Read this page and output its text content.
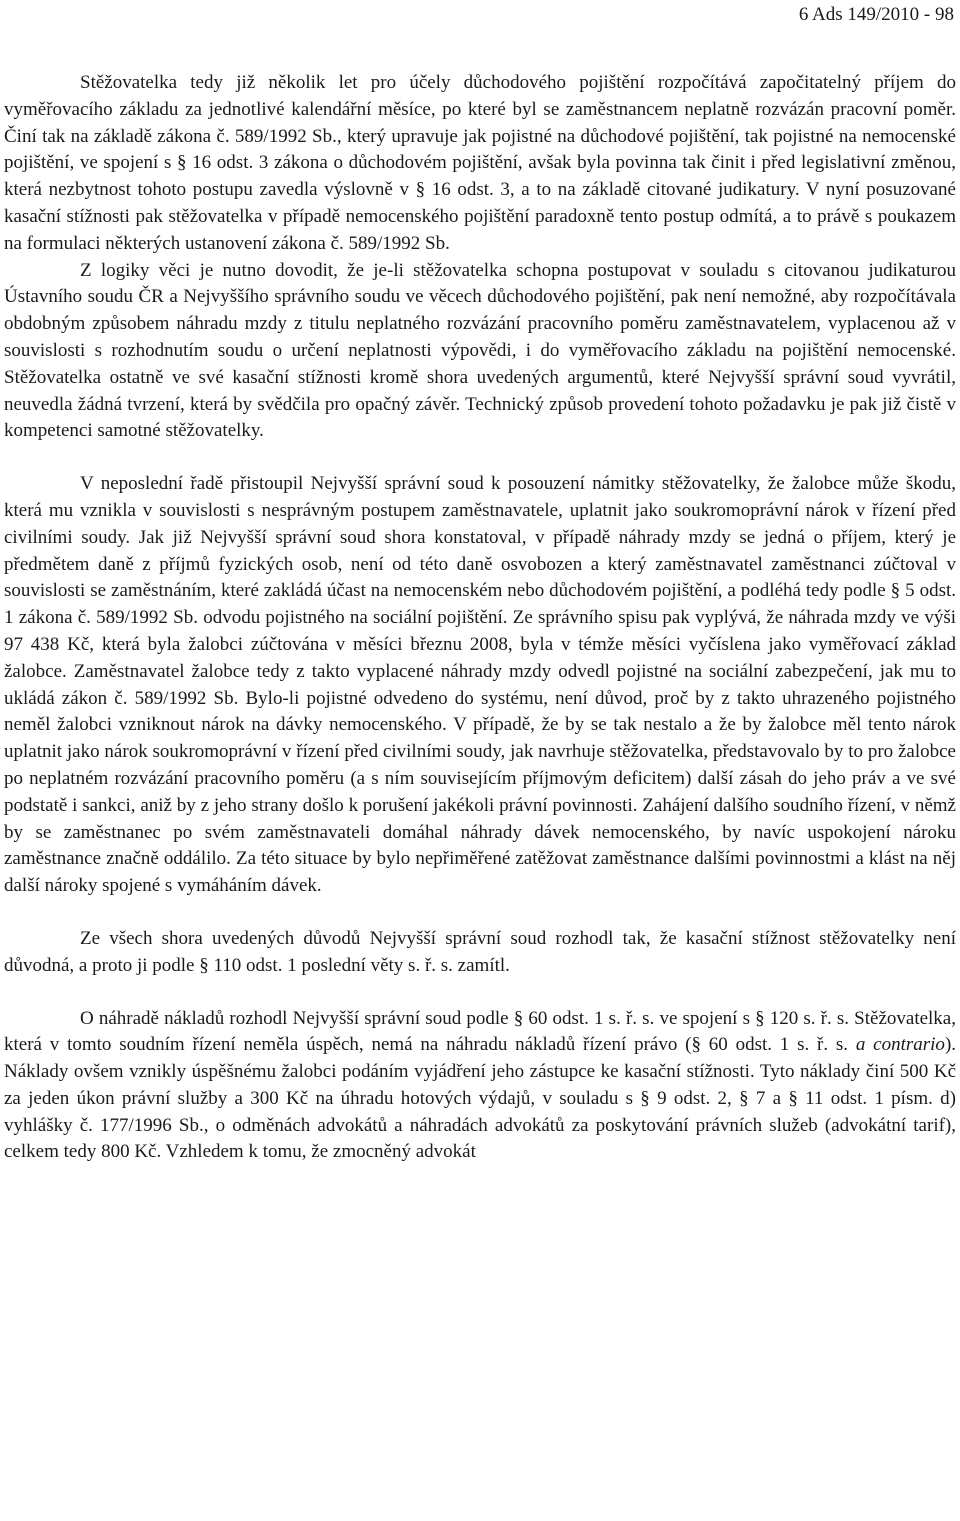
6 Ads 149/2010 - 98

Stěžovatelka tedy již několik let pro účely důchodového pojištění rozpočítává započitatelný příjem do vyměřovacího základu za jednotlivé kalendářní měsíce, po které byl se zaměstnancem neplatně rozvázán pracovní poměr. Činí tak na základě zákona č. 589/1992 Sb., který upravuje jak pojistné na důchodové pojištění, tak pojistné na nemocenské pojištění, ve spojení s § 16 odst. 3 zákona o důchodovém pojištění, avšak byla povinna tak činit i před legislativní změnou, která nezbytnost tohoto postupu zavedla výslovně v § 16 odst. 3, a to na základě citované judikatury. V nyní posuzované kasační stížnosti pak stěžovatelka v případě nemocenského pojištění paradoxně tento postup odmítá, a to právě s poukazem na formulaci některých ustanovení zákona č. 589/1992 Sb.

Z logiky věci je nutno dovodit, že je-li stěžovatelka schopna postupovat v souladu s citovanou judikaturou Ústavního soudu ČR a Nejvyššího správního soudu ve věcech důchodového pojištění, pak není nemožné, aby rozpočítávala obdobným způsobem náhradu mzdy z titulu neplatného rozvázání pracovního poměru zaměstnavatelem, vyplacenou až v souvislosti s rozhodnutím soudu o určení neplatnosti výpovědi, i do vyměřovacího základu na pojištění nemocenské. Stěžovatelka ostatně ve své kasační stížnosti kromě shora uvedených argumentů, které Nejvyšší správní soud vyvrátil, neuvedla žádná tvrzení, která by svědčila pro opačný závěr. Technický způsob provedení tohoto požadavku je pak již čistě v kompetenci samotné stěžovatelky.

V neposlední řadě přistoupil Nejvyšší správní soud k posouzení námitky stěžovatelky, že žalobce může škodu, která mu vznikla v souvislosti s nesprávným postupem zaměstnavatele, uplatnit jako soukromoprávní nárok v řízení před civilními soudy. Jak již Nejvyšší správní soud shora konstatoval, v případě náhrady mzdy se jedná o příjem, který je předmětem daně z příjmů fyzických osob, není od této daně osvobozen a který zaměstnavatel zaměstnanci zúčtoval v souvislosti se zaměstnáním, které zakládá účast na nemocenském nebo důchodovém pojištění, a podléhá tedy podle § 5 odst. 1 zákona č. 589/1992 Sb. odvodu pojistného na sociální pojištění. Ze správního spisu pak vyplývá, že náhrada mzdy ve výši 97 438 Kč, která byla žalobci zúčtována v měsíci březnu 2008, byla v témže měsíci vyčíslena jako vyměřovací základ žalobce. Zaměstnavatel žalobce tedy z takto vyplacené náhrady mzdy odvedl pojistné na sociální zabezpečení, jak mu to ukládá zákon č. 589/1992 Sb. Bylo-li pojistné odvedeno do systému, není důvod, proč by z takto uhrazeného pojistného neměl žalobci vzniknout nárok na dávky nemocenského. V případě, že by se tak nestalo a že by žalobce měl tento nárok uplatnit jako nárok soukromoprávní v řízení před civilními soudy, jak navrhuje stěžovatelka, představovalo by to pro žalobce po neplatném rozvázání pracovního poměru (a s ním souvisejícím příjmovým deficitem) další zásah do jeho práv a ve své podstatě i sankci, aniž by z jeho strany došlo k porušení jakékoli právní povinnosti. Zahájení dalšího soudního řízení, v němž by se zaměstnanec po svém zaměstnavateli domáhal náhrady dávek nemocenského, by navíc uspokojení nároku zaměstnance značně oddálilo. Za této situace by bylo nepřiměřené zatěžovat zaměstnance dalšími povinnostmi a klást na něj další nároky spojené s vymáháním dávek.

Ze všech shora uvedených důvodů Nejvyšší správní soud rozhodl tak, že kasační stížnost stěžovatelky není důvodná, a proto ji podle § 110 odst. 1 poslední věty s. ř. s. zamítl.

O náhradě nákladů rozhodl Nejvyšší správní soud podle § 60 odst. 1 s. ř. s. ve spojení s § 120 s. ř. s. Stěžovatelka, která v tomto soudním řízení neměla úspěch, nemá na náhradu nákladů řízení právo (§ 60 odst. 1 s. ř. s. a contrario). Náklady ovšem vznikly úspěšnému žalobci podáním vyjádření jeho zástupce ke kasační stížnosti. Tyto náklady činí 500 Kč za jeden úkon právní služby a 300 Kč na úhradu hotových výdajů, v souladu s § 9 odst. 2, § 7 a § 11 odst. 1 písm. d) vyhlášky č. 177/1996 Sb., o odměnách advokátů a náhradách advokátů za poskytování právních služeb (advokátní tarif), celkem tedy 800 Kč. Vzhledem k tomu, že zmocněný advokát
